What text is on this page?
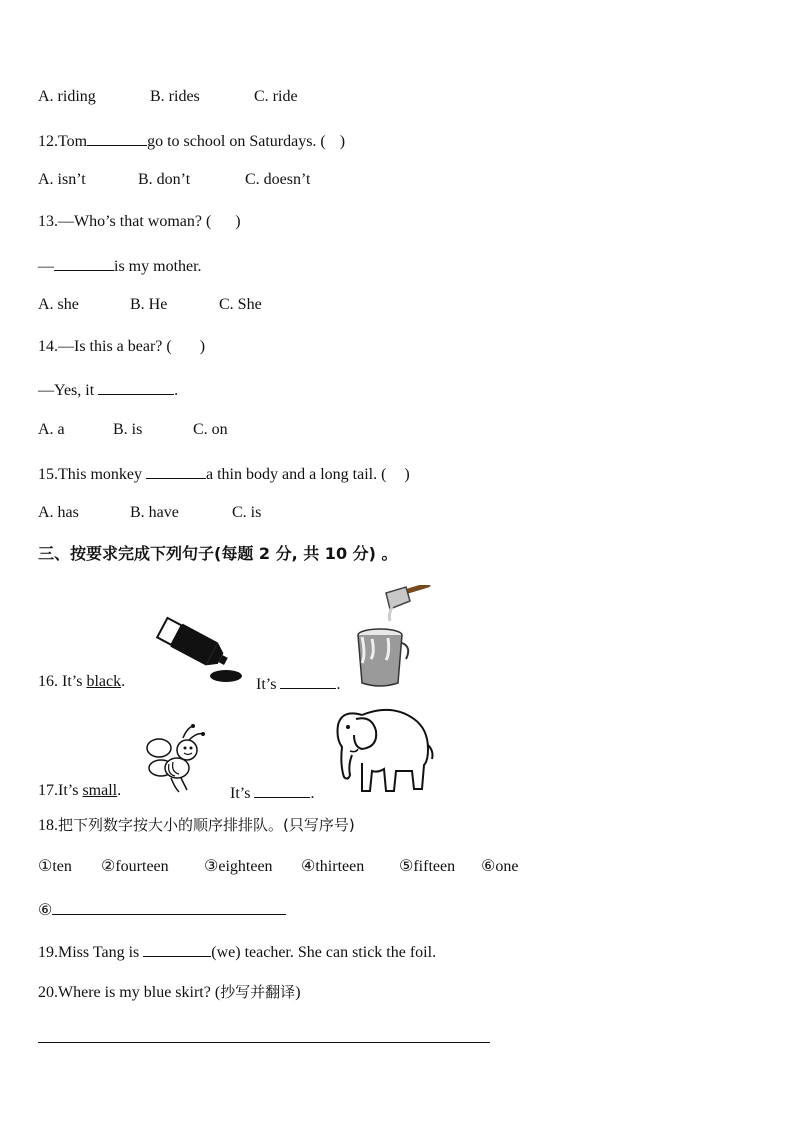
A. riding	B. rides	C. ride
12.Tom	go to school on Saturdays. ( )
A. isn’t	B. don’t	C. doesn’t
13.—Who’s that woman? ( )
—	is my mother.
A. she	B. He	C. She
14.—Is this a bear? ( )
—Yes, it	.
A. a	B. is	C. on
15.This monkey	a thin body and a long tail. ( )
A. has	B. have	C. is
三、按要求完成下列句子(每题 2 分, 共 10 分) 。
16. It’s black.	It’s	.
17.It’s small.	It’s	.
18.把下列数字按大小的顺序排排队。(只写序号)
①ten ②fourteen ③eighteen ④thirteen ⑤fifteen ⑥one
⑥
19.Miss Tang is	(we) teacher. She can stick the foil.
20.Where is my blue skirt? (抄写并翻译)
